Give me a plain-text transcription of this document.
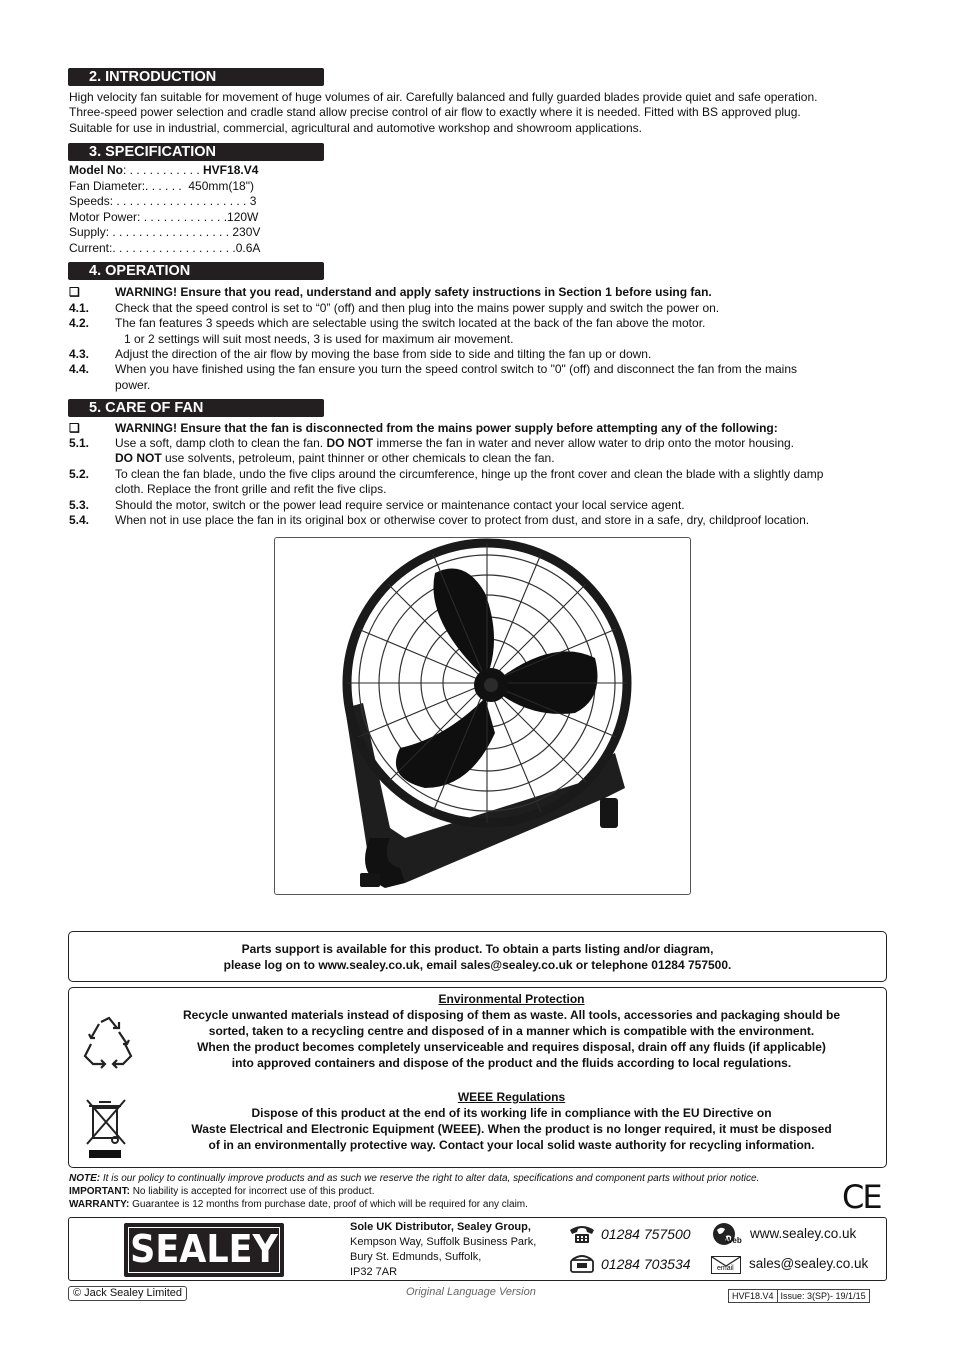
2. INTRODUCTION
High velocity fan suitable for movement of huge volumes of air. Carefully balanced and fully guarded blades provide quiet and safe operation.
Three-speed power selection and cradle stand allow precise control of air flow to exactly where it is needed. Fitted with BS approved plug.
Suitable for use in industrial, commercial, agricultural and automotive workshop and showroom applications.
3. SPECIFICATION
Model No: . . . . . . . . . . . HVF18.V4
Fan Diameter:. . . . . .  450mm(18")
Speeds: . . . . . . . . . . . . . . . . . . . . 3
Motor Power: . . . . . . . . . . . . .120W
Supply: . . . . . . . . . . . . . . . . . . 230V
Current:. . . . . . . . . . . . . . . . . . .0.6A
4. OPERATION
❏	WARNING! Ensure that you read, understand and apply safety instructions in Section 1 before using fan.
4.1. Check that the speed control is set to “0” (off) and then plug into the mains power supply and switch the power on.
4.2. The fan features 3 speeds which are selectable using the switch located at the back of the fan above the motor.
1 or 2 settings will suit most needs, 3 is used for maximum air movement.
4.3. Adjust the direction of the air flow by moving the base from side to side and tilting the fan up or down.
4.4. When you have finished using the fan ensure you turn the speed control switch to "0" (off) and disconnect the fan from the mains
power.
5. CARE OF FAN
❏	WARNING! Ensure that the fan is disconnected from the mains power supply before attempting any of the following:
5.1. Use a soft, damp cloth to clean the fan. DO NOT immerse the fan in water and never allow water to drip onto the motor housing.
DO NOT use solvents, petroleum, paint thinner or other chemicals to clean the fan.
5.2. To clean the fan blade, undo the five clips around the circumference, hinge up the front cover and clean the blade with a slightly damp
cloth. Replace the front grille and refit the five clips.
5.3. Should the motor, switch or the power lead require service or maintenance contact your local service agent.
5.4. When not in use place the fan in its original box or otherwise cover to protect from dust, and store in a safe, dry, childproof location.
Parts support is available for this product. To obtain a parts listing and/or diagram,
please log on to www.sealey.co.uk, email sales@sealey.co.uk or telephone 01284 757500.
Environmental Protection
Recycle unwanted materials instead of disposing of them as waste. All tools, accessories and packaging should be
sorted, taken to a recycling centre and disposed of in a manner which is compatible with the environment.
When the product becomes completely unserviceable and requires disposal, drain off any fluids (if applicable)
into approved containers and dispose of the product and the fluids according to local regulations.
WEEE Regulations
Dispose of this product at the end of its working life in compliance with the EU Directive on
Waste Electrical and Electronic Equipment (WEEE). When the product is no longer required, it must be disposed
of in an environmentally protective way. Contact your local solid waste authority for recycling information.
NOTE: It is our policy to continually improve products and as such we reserve the right to alter data, specifications and component parts without prior notice.
IMPORTANT: No liability is accepted for incorrect use of this product.
WARRANTY: Guarantee is 12 months from purchase date, proof of which will be required for any claim.	CE
SEALEY
Sole UK Distributor, Sealey Group,
Kempson Way, Suffolk Business Park,
Bury St. Edmunds, Suffolk,
IP32 7AR
01284 757500
01284 703534
Web www.sealey.co.uk
email sales@sealey.co.uk
© Jack Sealey Limited	Original Language Version	HVF18.V4 Issue: 3(SP)- 19/1/15
